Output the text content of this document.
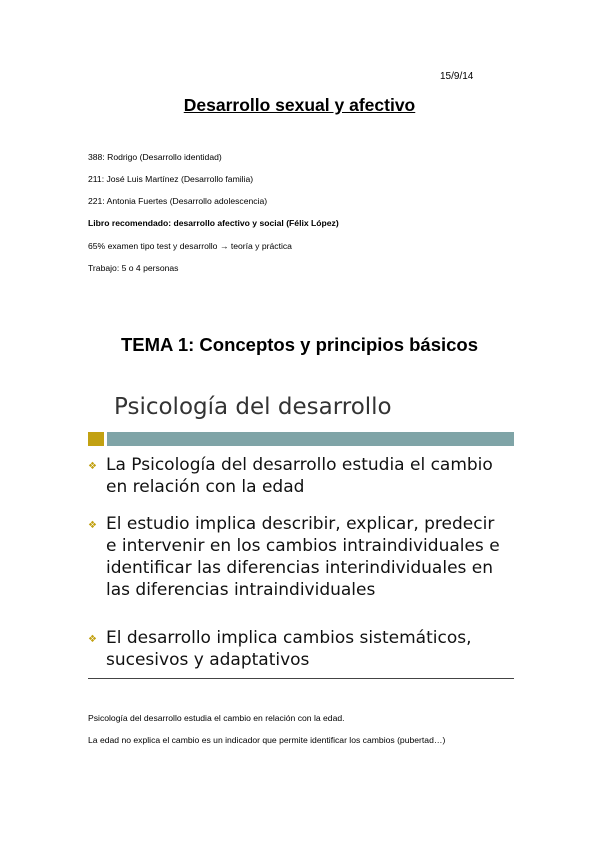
15/9/14
Desarrollo sexual y afectivo
388: Rodrigo (Desarrollo identidad)
211: José Luis Martínez (Desarrollo familia)
221: Antonia Fuertes (Desarrollo adolescencia)
Libro recomendado: desarrollo afectivo y social (Félix López)
65% examen tipo test y desarrollo → teoría y práctica
Trabajo: 5 o 4 personas
TEMA 1: Conceptos y principios básicos
Psicología del desarrollo
❖ La Psicología del desarrollo estudia el cambio en relación con la edad
❖ El estudio implica describir, explicar, predecir e intervenir en los cambios intraindividuales e identificar las diferencias interindividuales en las diferencias intraindividuales
❖ El desarrollo implica cambios sistemáticos, sucesivos y adaptativos
Psicología del desarrollo estudia el cambio en relación con la edad.
La edad no explica el cambio es un indicador que permite identificar los cambios (pubertad…)
